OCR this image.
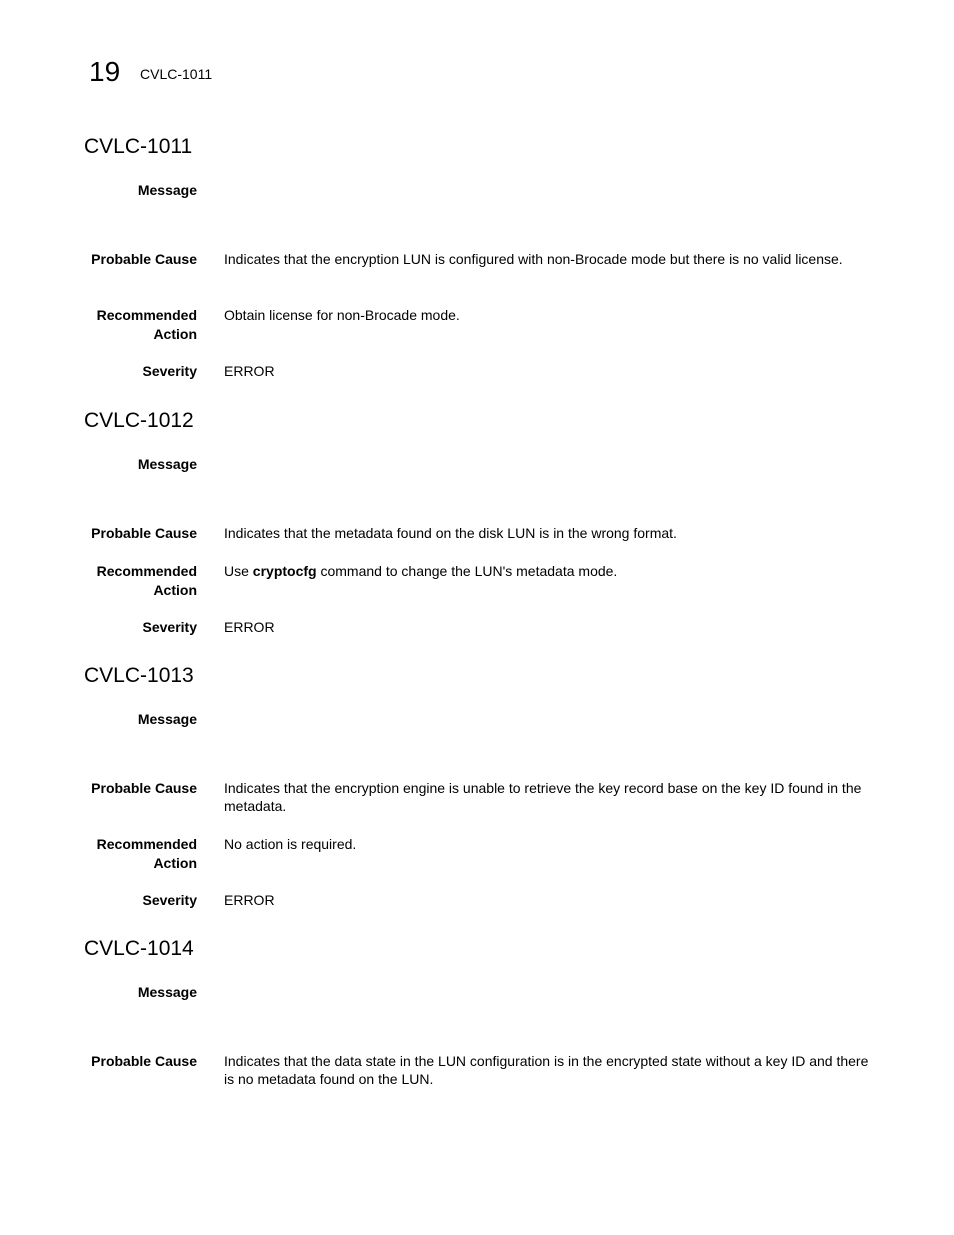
19 CVLC-1011
CVLC-1011
Message
Probable Cause Indicates that the encryption LUN is configured with non-Brocade mode but there is no valid license.
Recommended
Action
Obtain license for non-Brocade mode.
Severity ERROR
CVLC-1012
Message
Probable Cause Indicates that the metadata found on the disk LUN is in the wrong format.
Recommended
Action
Use cryptocfg command to change the LUN's metadata mode.
Severity ERROR
CVLC-1013
Message
Probable Cause Indicates that the encryption engine is unable to retrieve the key record base on the key ID found in the metadata.
Recommended
Action
No action is required.
Severity ERROR
CVLC-1014
Message
Probable Cause Indicates that the data state in the LUN configuration is in the encrypted state without a key ID and there is no metadata found on the LUN.
